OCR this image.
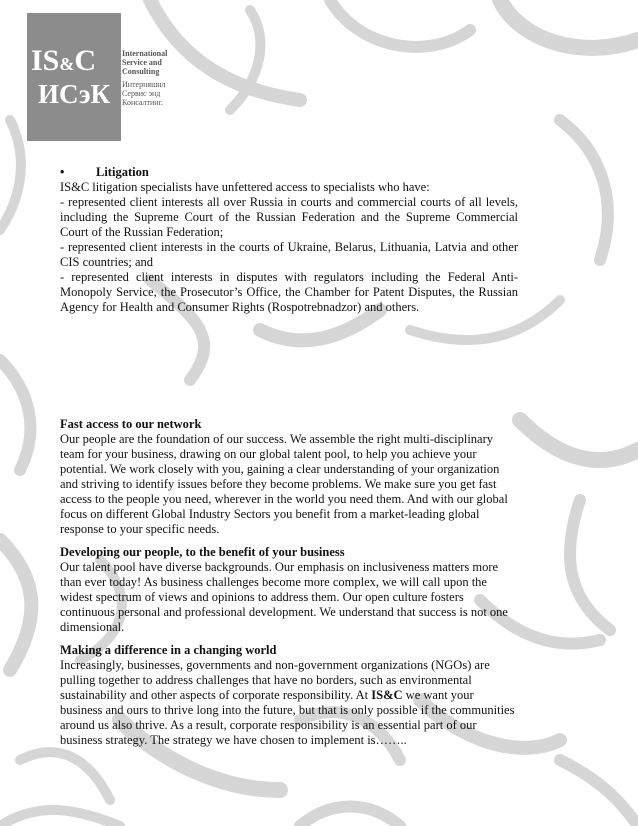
IS&C
ИСэК
International
Service and
Consulting
Интерняшнл
Сервис энд
Консалтинг.
•	Litigation

IS&C litigation specialists have unfettered access to specialists who have:

- represented client interests all over Russia in courts and commercial courts of all levels, including the Supreme Court of the Russian Federation and the Supreme Commercial Court of the Russian Federation;

- represented client interests in the courts of Ukraine, Belarus, Lithuania, Latvia and other CIS countries; and

- represented client interests in disputes with regulators including the Federal Anti-Monopoly Service, the Prosecutor’s Office, the Chamber for Patent Disputes, the Russian Agency for Health and Consumer Rights (Rospotrebnadzor) and others.

Fast access to our network

Our people are the foundation of our success. We assemble the right multi-disciplinary team for your business, drawing on our global talent pool, to help you achieve your potential. We work closely with you, gaining a clear understanding of your organization and striving to identify issues before they become problems. We make sure you get fast access to the people you need, wherever in the world you need them. And with our global focus on different Global Industry Sectors you benefit from a market-leading global response to your specific needs.

Developing our people, to the benefit of your business

Our talent pool have diverse backgrounds. Our emphasis on inclusiveness matters more than ever today! As business challenges become more complex, we will call upon the widest spectrum of views and opinions to address them. Our open culture fosters continuous personal and professional development. We understand that success is not one dimensional.

Making a difference in a changing world

Increasingly, businesses, governments and non-government organizations (NGOs) are pulling together to address challenges that have no borders, such as environmental sustainability and other aspects of corporate responsibility. At IS&C we want your business and ours to thrive long into the future, but that is only possible if the communities around us also thrive. As a result, corporate responsibility is an essential part of our business strategy. The strategy we have chosen to implement is……..
